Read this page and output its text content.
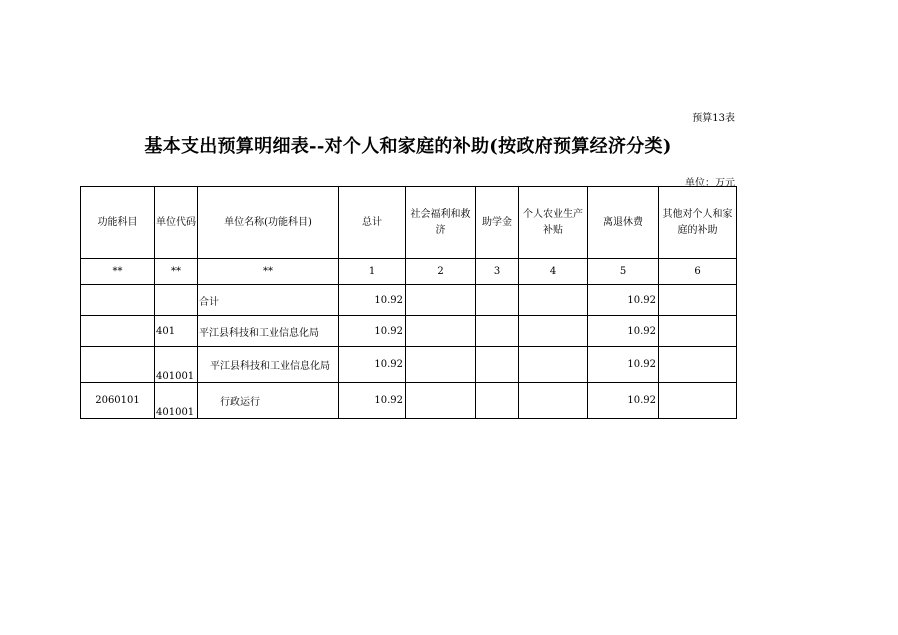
预算13表
基本支出预算明细表--对个人和家庭的补助(按政府预算经济分类)
单位：万元
功能科目	单位代码	单位名称(功能科目)	总计	社会福利和救济	助学金	个人农业生产补贴	离退休费	其他对个人和家庭的补助
**	**	**	1	2	3	4	5	6
		合计	10.92				10.92	
	401	平江县科技和工业信息化局	10.92				10.92	
	401001	平江县科技和工业信息化局	10.92				10.92	
2060101	401001	行政运行	10.92				10.92	
